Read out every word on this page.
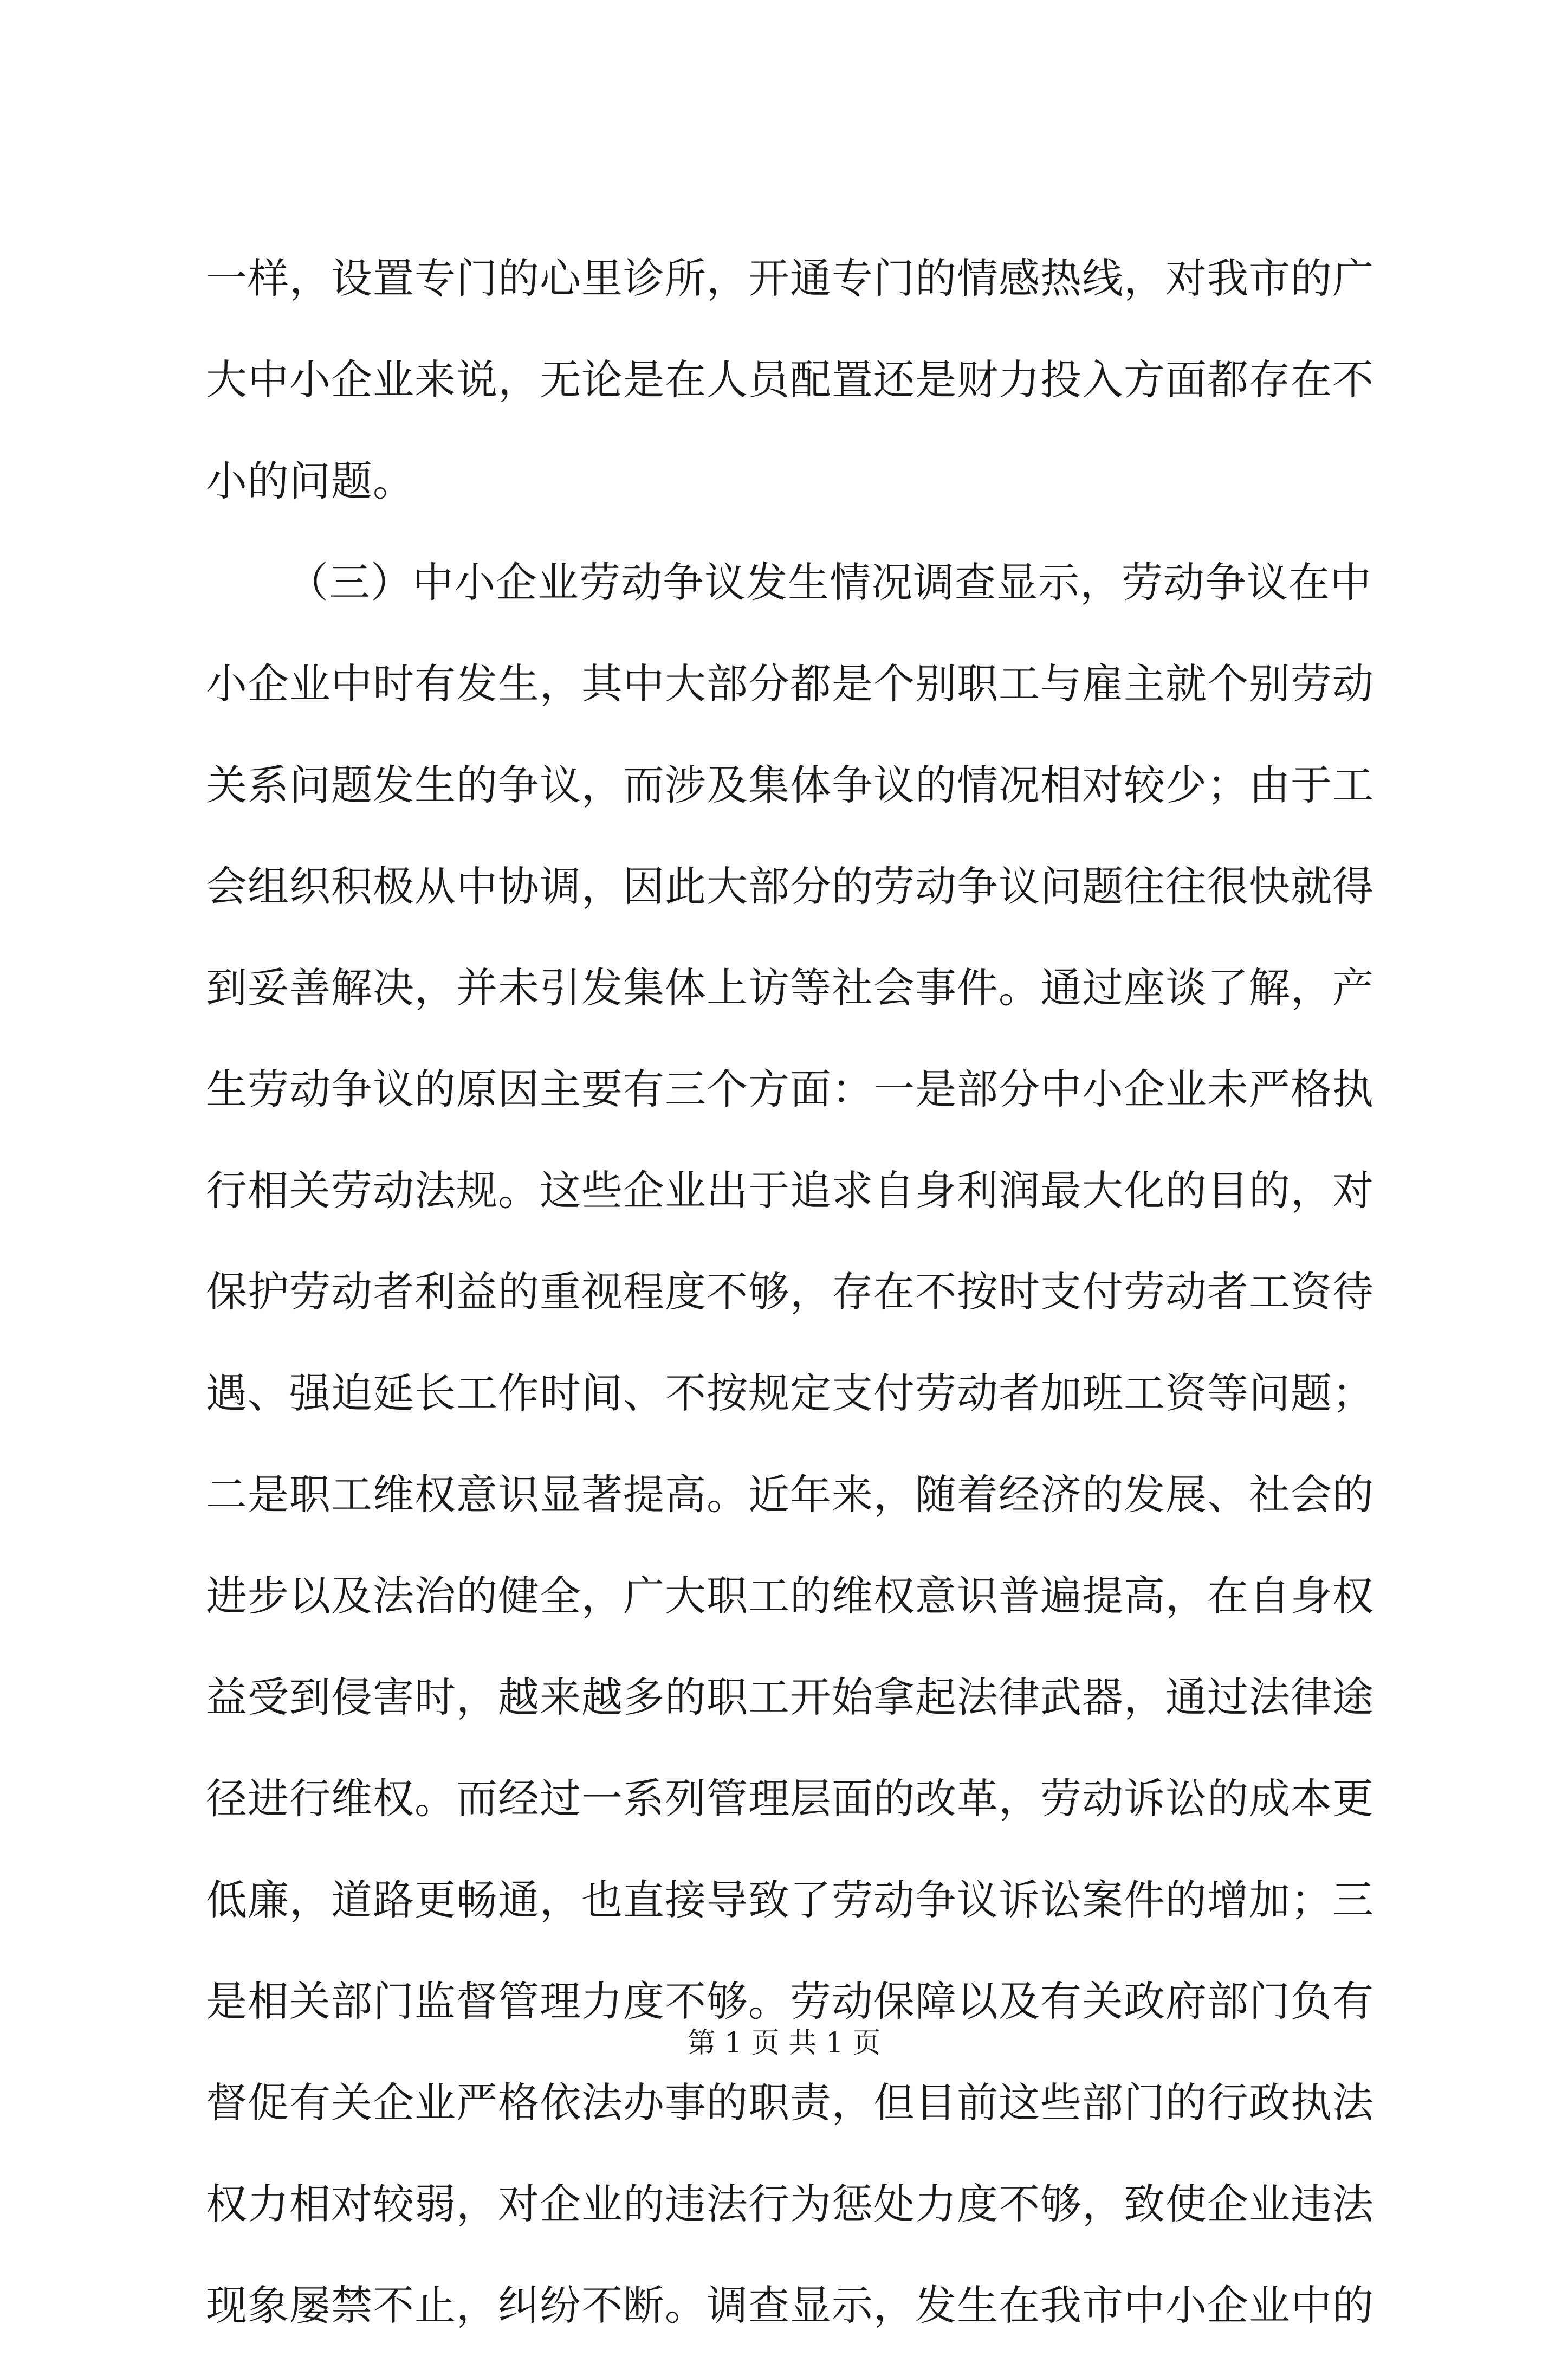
一样，设置专门的心里诊所，开通专门的情感热线，对我市的广
大中小企业来说，无论是在人员配置还是财力投入方面都存在不
小的问题。
（三）中小企业劳动争议发生情况调查显示，劳动争议在中
小企业中时有发生，其中大部分都是个别职工与雇主就个别劳动
关系问题发生的争议，而涉及集体争议的情况相对较少；由于工
会组织积极从中协调，因此大部分的劳动争议问题往往很快就得
到妥善解决，并未引发集体上访等社会事件。通过座谈了解，产
生劳动争议的原因主要有三个方面：一是部分中小企业未严格执
行相关劳动法规。这些企业出于追求自身利润最大化的目的，对
保护劳动者利益的重视程度不够，存在不按时支付劳动者工资待
遇、强迫延长工作时间、不按规定支付劳动者加班工资等问题；
二是职工维权意识显著提高。近年来，随着经济的发展、社会的
进步以及法治的健全，广大职工的维权意识普遍提高，在自身权
益受到侵害时，越来越多的职工开始拿起法律武器，通过法律途
径进行维权。而经过一系列管理层面的改革，劳动诉讼的成本更
低廉，道路更畅通，也直接导致了劳动争议诉讼案件的增加；三
是相关部门监督管理力度不够。劳动保障以及有关政府部门负有
督促有关企业严格依法办事的职责，但目前这些部门的行政执法
权力相对较弱，对企业的违法行为惩处力度不够，致使企业违法
现象屡禁不止，纠纷不断。调查显示，发生在我市中小企业中的
第 1 页 共 1 页
